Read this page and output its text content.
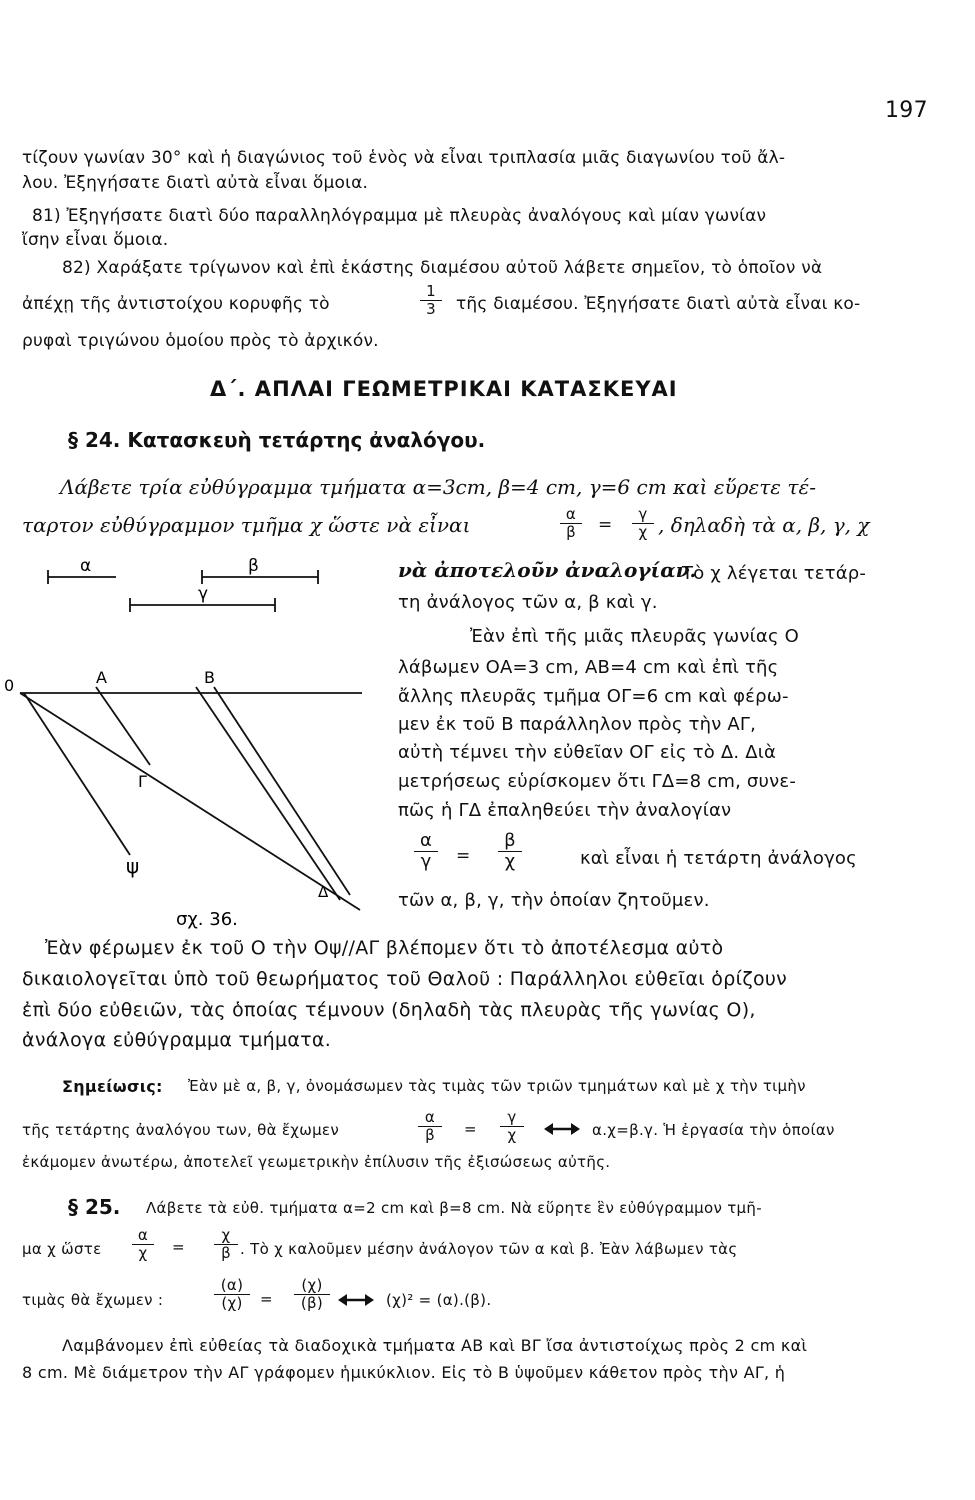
197
τίζουν γωνίαν 30° καὶ ἡ διαγώνιος τοῦ ἑνὸς νὰ εἶναι τριπλασία μιᾶς διαγωνίου τοῦ ἄλ-
λου. Ἐξηγήσατε διατὶ αὐτὰ εἶναι ὅμοια.
81) Ἐξηγήσατε διατὶ δύο παραλληλόγραμμα μὲ πλευρὰς ἀναλόγους καὶ μίαν γωνίαν
ἴσην εἶναι ὅμοια.
82) Χαράξατε τρίγωνον καὶ ἐπὶ ἑκάστης διαμέσου αὐτοῦ λάβετε σημεῖον, τὸ ὁποῖον νὰ
ἀπέχῃ τῆς ἀντιστοίχου κορυφῆς τὸ	$\frac{1}{3}$ τῆς διαμέσου. Ἐξηγήσατε διατὶ αὐτὰ εἶναι κο-
ρυφαὶ τριγώνου ὁμοίου πρὸς τὸ ἀρχικόν.
Δ΄. ΑΠΛΑΙ ΓΕΩΜΕΤΡΙΚΑΙ ΚΑΤΑΣΚΕΥΑΙ
§ 24. Κατασκευὴ τετάρτης ἀναλόγου.
Λάβετε τρία εὐθύγραμμα τμήματα α=3cm, β=4 cm, γ=6 cm καὶ εὕρετε τέ-
ταρτον εὐθύγραμμον τμῆμα χ ὥστε νὰ εἶναι	$\frac{\alpha}{\beta} = \frac{\gamma}{\chi}$ , δηλαδὴ τὰ α, β, γ, χ
νὰ ἀποτελοῦν ἀναλογίαν.
Τὸ χ λέγεται τετάρ-
τη ἀνάλογος τῶν α, β καὶ γ.
Ἐὰν ἐπὶ τῆς μιᾶς πλευρᾶς γωνίας Ο
λάβωμεν ΟΑ=3 cm, ΑΒ=4 cm καὶ ἐπὶ τῆς
ἄλλης πλευρᾶς τμῆμα ΟΓ=6 cm καὶ φέρω-
μεν ἐκ τοῦ Β παράλληλον πρὸς τὴν ΑΓ,
αὐτὴ τέμνει τὴν εὐθεῖαν ΟΓ εἰς τὸ Δ. Διὰ
μετρήσεως εὑρίσκομεν ὅτι ΓΔ=8 cm, συνε-
πῶς ἡ ΓΔ ἐπαληθεύει τὴν ἀναλογίαν
$\frac{\alpha}{\gamma} = \frac{\beta}{\chi}$	καὶ εἶναι ἡ τετάρτη ἀνάλογος
τῶν α, β, γ, τὴν ὁποίαν ζητοῦμεν.
α	β
γ
0	A	B
Γ
Δ
ψ
σχ. 36.
Ἐὰν φέρωμεν ἐκ τοῦ Ο τὴν Οψ//ΑΓ βλέπομεν ὅτι τὸ ἀποτέλεσμα αὐτὸ
δικαιολογεῖται ὑπὸ τοῦ θεωρήματος τοῦ Θαλοῦ : Παράλληλοι εὐθεῖαι ὁρίζουν
ἐπὶ δύο εὐθειῶν, τὰς ὁποίας τέμνουν (δηλαδὴ τὰς πλευρὰς τῆς γωνίας Ο),
ἀνάλογα εὐθύγραμμα τμήματα.
Σημείωσις: Ἐὰν μὲ α, β, γ, ὀνομάσωμεν τὰς τιμὰς τῶν τριῶν τμημάτων καὶ μὲ χ τὴν τιμὴν
τῆς τετάρτης ἀναλόγου των, θὰ ἔχωμεν	$\frac{\alpha}{\beta} = \frac{\gamma}{\chi}$	α.χ=β.γ. Ἡ ἐργασία τὴν ὁποίαν
ἐκάμομεν ἀνωτέρω, ἀποτελεῖ γεωμετρικὴν ἐπίλυσιν τῆς ἐξισώσεως αὐτῆς.
§ 25. Λάβετε τὰ εὐθ. τμήματα α=2 cm καὶ β=8 cm. Νὰ εὕρητε ἓν εὐθύγραμμον τμῆ-
μα χ ὥστε $\frac{\alpha}{\chi} = \frac{\chi}{\beta}$ . Τὸ χ καλοῦμεν μέσην ἀνάλογον τῶν α καὶ β. Ἐὰν λάβωμεν τὰς
τιμὰς θὰ ἔχωμεν :	$\frac{(\alpha)}{(\chi)} = \frac{(\chi)}{(\beta)}$	(χ)² = (α).(β).
Λαμβάνομεν ἐπὶ εὐθείας τὰ διαδοχικὰ τμήματα ΑΒ καὶ ΒΓ ἴσα ἀντιστοίχως πρὸς 2 cm καὶ
8 cm. Μὲ διάμετρον τὴν ΑΓ γράφομεν ἡμικύκλιον. Εἰς τὸ Β ὑψοῦμεν κάθετον πρὸς τὴν ΑΓ, ἡ
